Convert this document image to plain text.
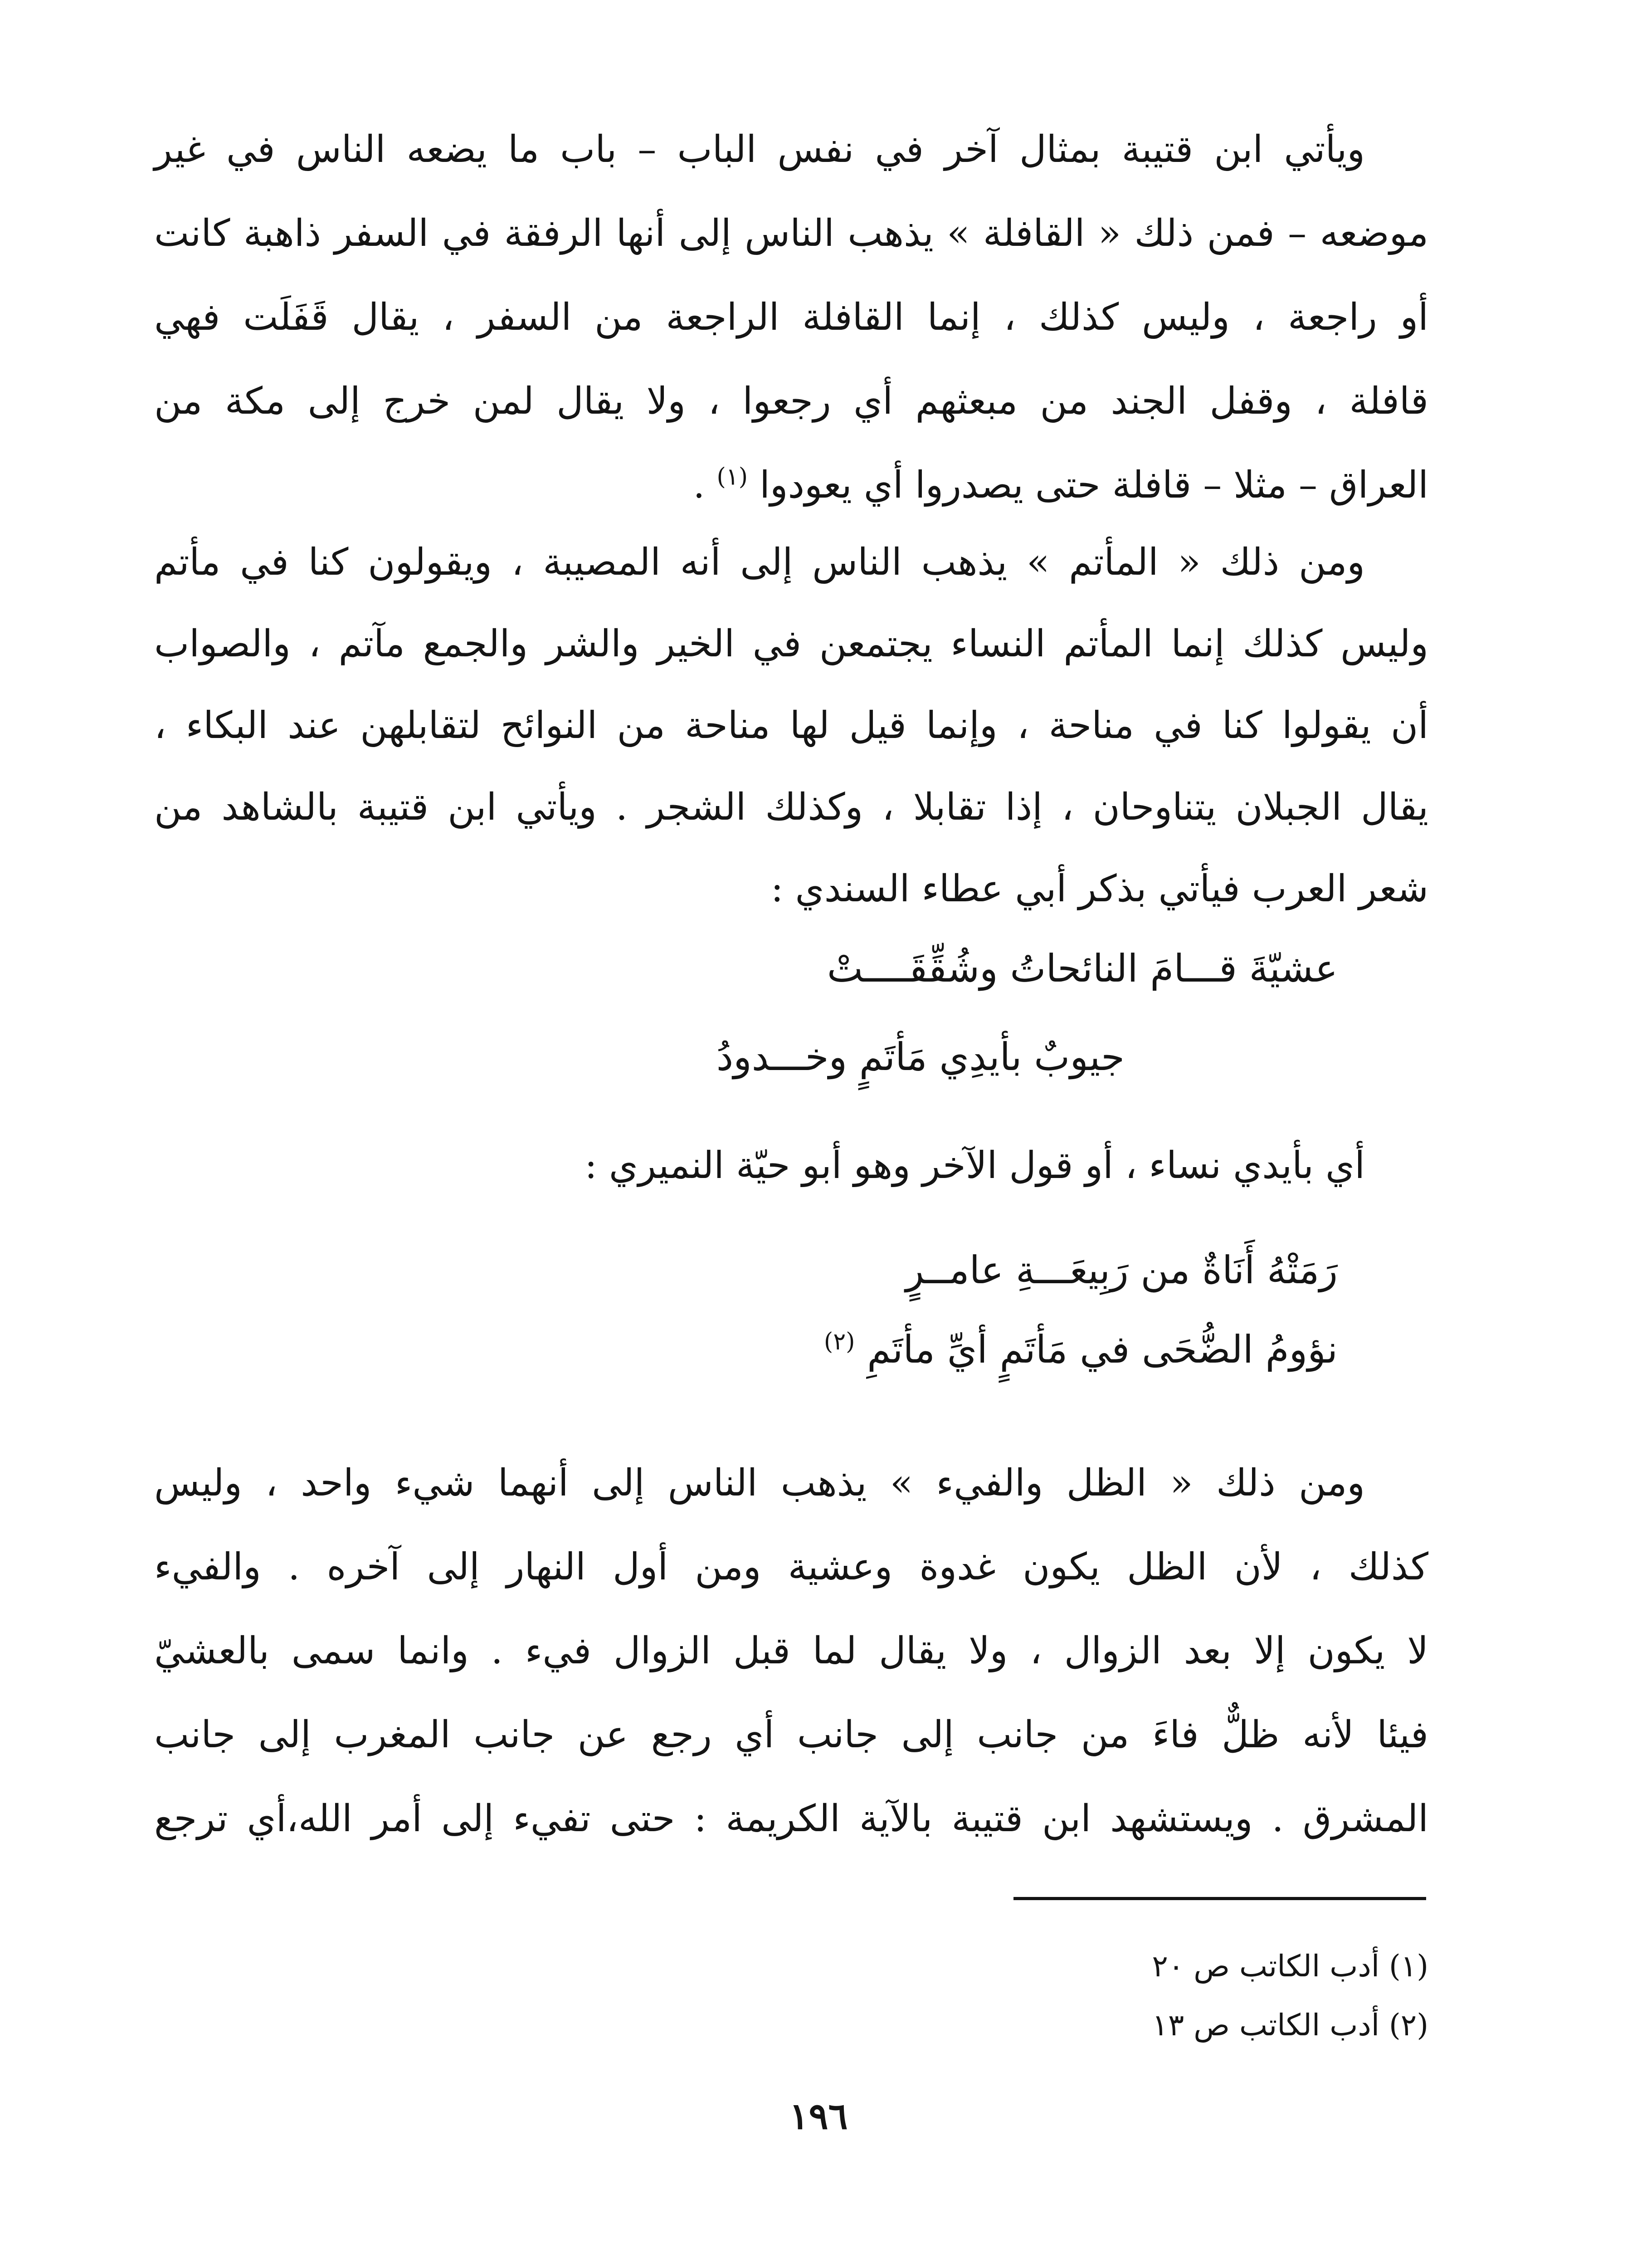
ويأتي ابن قتيبة بمثال آخر في نفس الباب – باب ما يضعه الناس في غير
موضعه – فمن ذلك « القافلة » يذهب الناس إلى أنها الرفقة في السفر ذاهبة كانت
أو راجعة ، وليس كذلك ، إنما القافلة الراجعة من السفر ، يقال قَفَلَت فهي
قافلة ، وقفل الجند من مبعثهم أي رجعوا ، ولا يقال لمن خرج إلى مكة من
العراق – مثلا – قافلة حتى يصدروا أي يعودوا $^{(١)}$ .
ومن ذلك « المأتم » يذهب الناس إلى أنه المصيبة ، ويقولون كنا في مأتم
وليس كذلك إنما المأتم النساء يجتمعن في الخير والشر والجمع مآتم ، والصواب
أن يقولوا كنا في مناحة ، وإنما قيل لها مناحة من النوائح لتقابلهن عند البكاء ،
يقال الجبلان يتناوحان ، إذا تقابلا ، وكذلك الشجر . ويأتي ابن قتيبة بالشاهد من
شعر العرب فيأتي بذكر أبي عطاء السندي :
عشيّةَ قـــامَ النائحاتُ وشُقِّقَــــتْ
جيوبٌ بأيدِي مَأتَمٍ وخـــدودُ
أي بأيدي نساء ، أو قول الآخر وهو أبو حيّة النميري :
رَمَتْهُ أَنَاةٌ من رَبِيعَـــةِ عامــرٍ
نؤومُ الضُّحَى في مَأتَمٍ أيِّ مأتَمِ $^{(٢)}$
ومن ذلك « الظل والفيء » يذهب الناس إلى أنهما شيء واحد ، وليس
كذلك ، لأن الظل يكون غدوة وعشية ومن أول النهار إلى آخره . والفيء
لا يكون إلا بعد الزوال ، ولا يقال لما قبل الزوال فيء . وانما سمى بالعشيّ
فيئا لأنه ظلٌّ فاءَ من جانب إلى جانب أي رجع عن جانب المغرب إلى جانب
المشرق . ويستشهد ابن قتيبة بالآية الكريمة : حتى تفيء إلى أمر الله،أي ترجع
(١) أدب الكاتب ص ٢٠
(٢) أدب الكاتب ص ١٣
١٩٦
